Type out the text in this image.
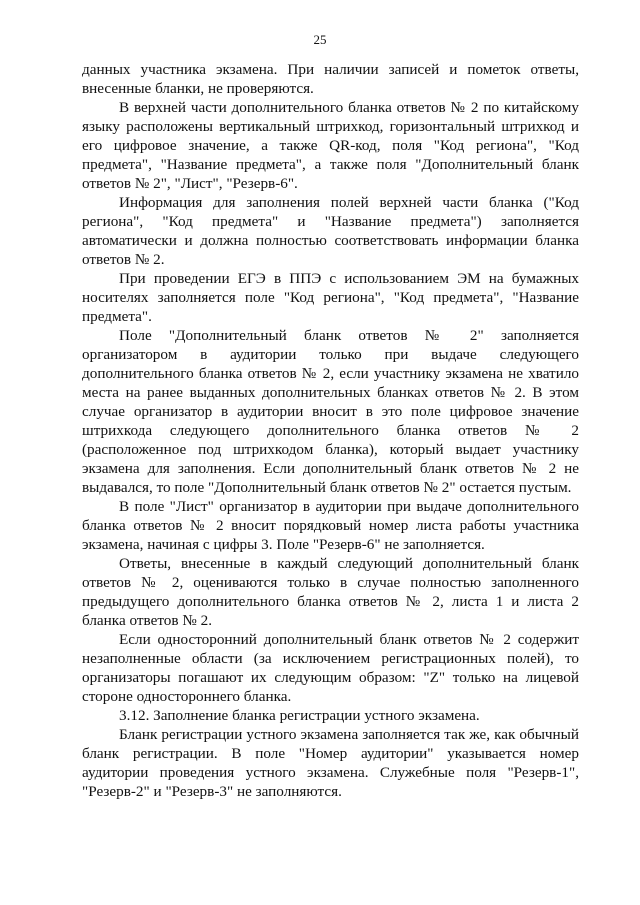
25

данных участника экзамена. При наличии записей и пометок ответы, внесенные бланки, не проверяются.

В верхней части дополнительного бланка ответов № 2 по китайскому языку расположены вертикальный штрихкод, горизонтальный штрихкод и его цифровое значение, а также QR-код, поля "Код региона", "Код предмета", "Название предмета", а также поля "Дополнительный бланк ответов № 2", "Лист", "Резерв-6".

Информация для заполнения полей верхней части бланка ("Код региона", "Код предмета" и "Название предмета") заполняется автоматически и должна полностью соответствовать информации бланка ответов № 2.

При проведении ЕГЭ в ППЭ с использованием ЭМ на бумажных носителях заполняется поле "Код региона", "Код предмета", "Название предмета".

Поле "Дополнительный бланк ответов № 2" заполняется организатором в аудитории только при выдаче следующего дополнительного бланка ответов № 2, если участнику экзамена не хватило места на ранее выданных дополнительных бланках ответов № 2. В этом случае организатор в аудитории вносит в это поле цифровое значение штрихкода следующего дополнительного бланка ответов № 2 (расположенное под штрихкодом бланка), который выдает участнику экзамена для заполнения. Если дополнительный бланк ответов № 2 не выдавался, то поле "Дополнительный бланк ответов № 2" остается пустым.

В поле "Лист" организатор в аудитории при выдаче дополнительного бланка ответов № 2 вносит порядковый номер листа работы участника экзамена, начиная с цифры 3. Поле "Резерв-6" не заполняется.

Ответы, внесенные в каждый следующий дополнительный бланк ответов № 2, оцениваются только в случае полностью заполненного предыдущего дополнительного бланка ответов № 2, листа 1 и листа 2 бланка ответов № 2.

Если односторонний дополнительный бланк ответов № 2 содержит незаполненные области (за исключением регистрационных полей), то организаторы погашают их следующим образом: "Z" только на лицевой стороне одностороннего бланка.

3.12. Заполнение бланка регистрации устного экзамена.

Бланк регистрации устного экзамена заполняется так же, как обычный бланк регистрации. В поле "Номер аудитории" указывается номер аудитории проведения устного экзамена. Служебные поля "Резерв-1", "Резерв-2" и "Резерв-3" не заполняются.
